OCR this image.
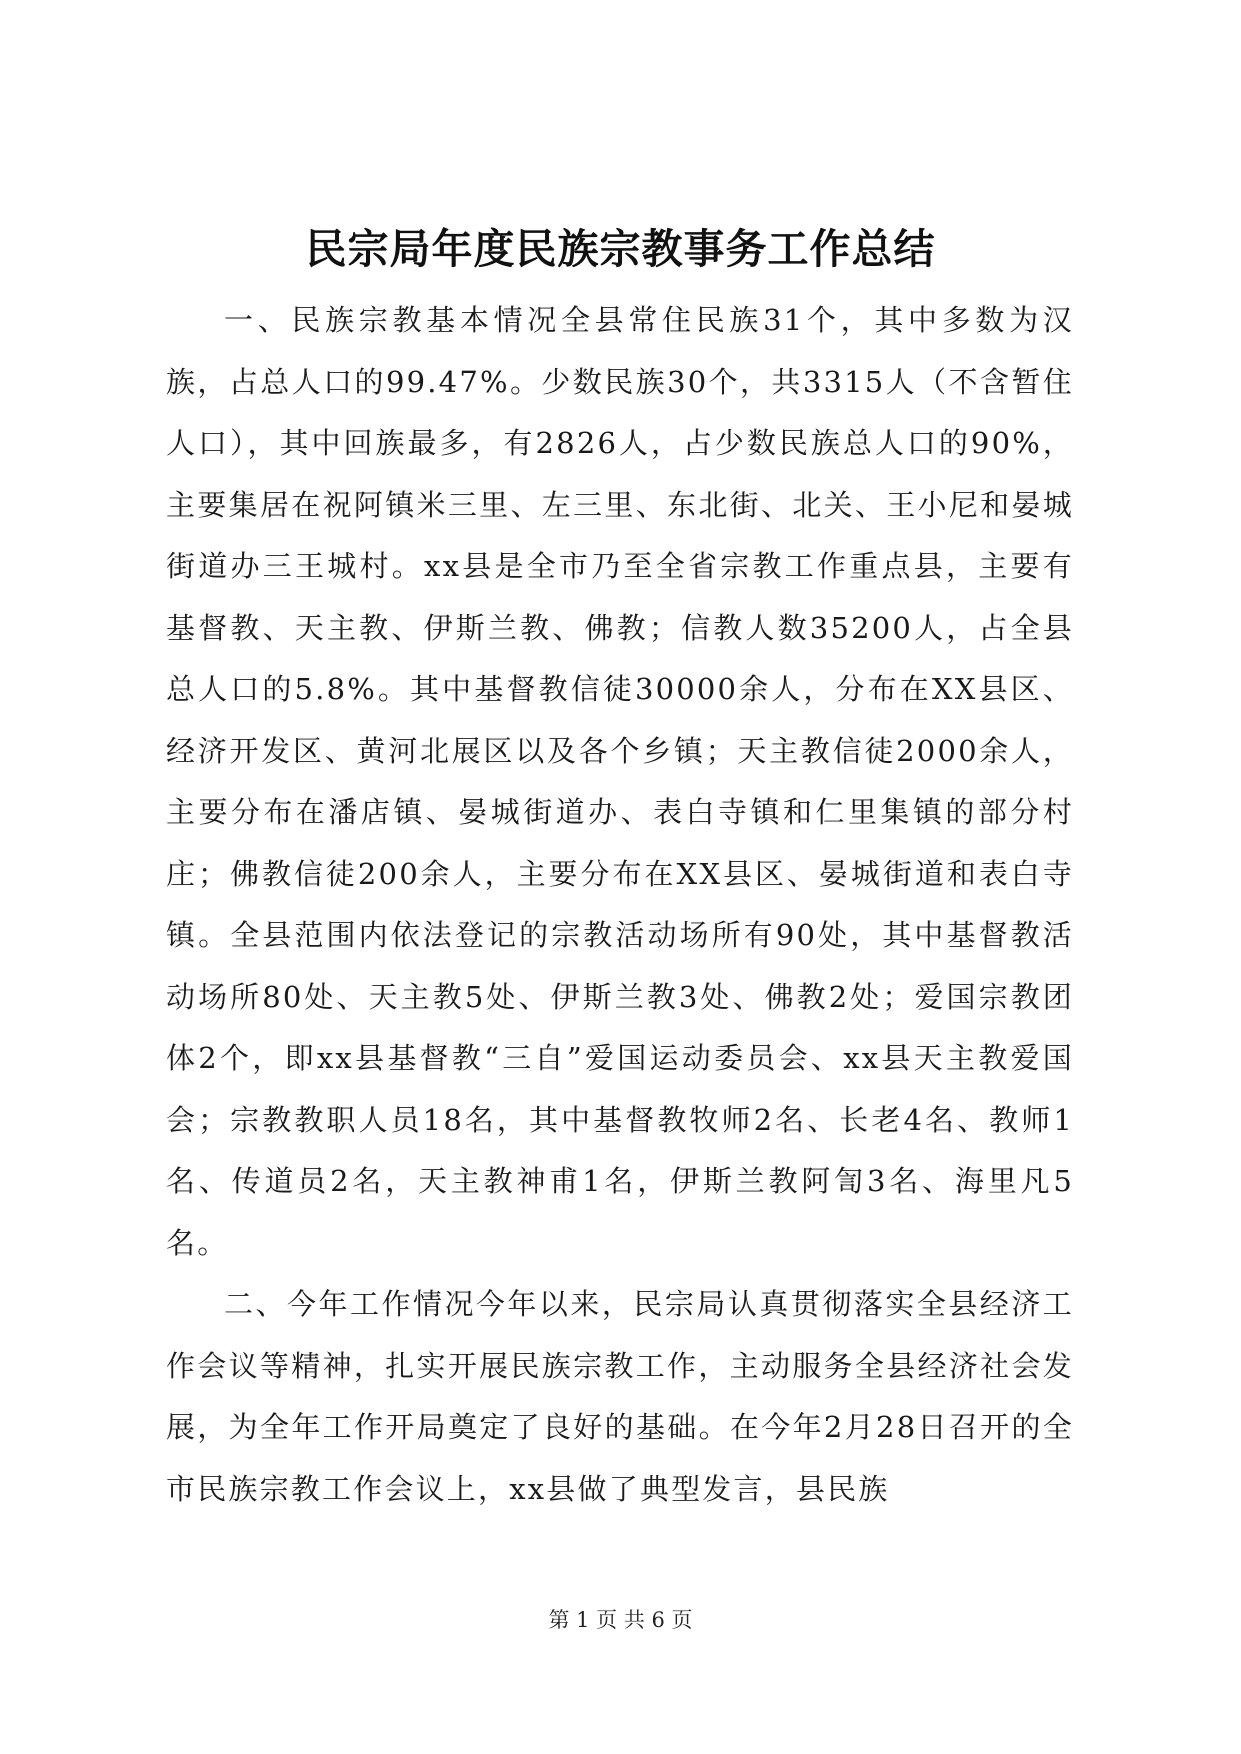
民宗局年度民族宗教事务工作总结

一、民族宗教基本情况全县常住民族31个，其中多数为汉族，占总人口的99.47%。少数民族30个，共3315人（不含暂住人口），其中回族最多，有2826人，占少数民族总人口的90%，主要集居在祝阿镇米三里、左三里、东北街、北关、王小尼和晏城街道办三王城村。xx县是全市乃至全省宗教工作重点县，主要有基督教、天主教、伊斯兰教、佛教；信教人数35200人，占全县总人口的5.8%。其中基督教信徒30000余人，分布在XX县区、经济开发区、黄河北展区以及各个乡镇；天主教信徒2000余人，主要分布在潘店镇、晏城街道办、表白寺镇和仁里集镇的部分村庄；佛教信徒200余人，主要分布在XX县区、晏城街道和表白寺镇。全县范围内依法登记的宗教活动场所有90处，其中基督教活动场所80处、天主教5处、伊斯兰教3处、佛教2处；爱国宗教团体2个，即xx县基督教“三自”爱国运动委员会、xx县天主教爱国会；宗教教职人员18名，其中基督教牧师2名、长老4名、教师1名、传道员2名，天主教神甫1名，伊斯兰教阿訇3名、海里凡5名。

二、今年工作情况今年以来，民宗局认真贯彻落实全县经济工作会议等精神，扎实开展民族宗教工作，主动服务全县经济社会发展，为全年工作开局奠定了良好的基础。在今年2月28日召开的全市民族宗教工作会议上，xx县做了典型发言，县民族

第 1 页 共 6 页
